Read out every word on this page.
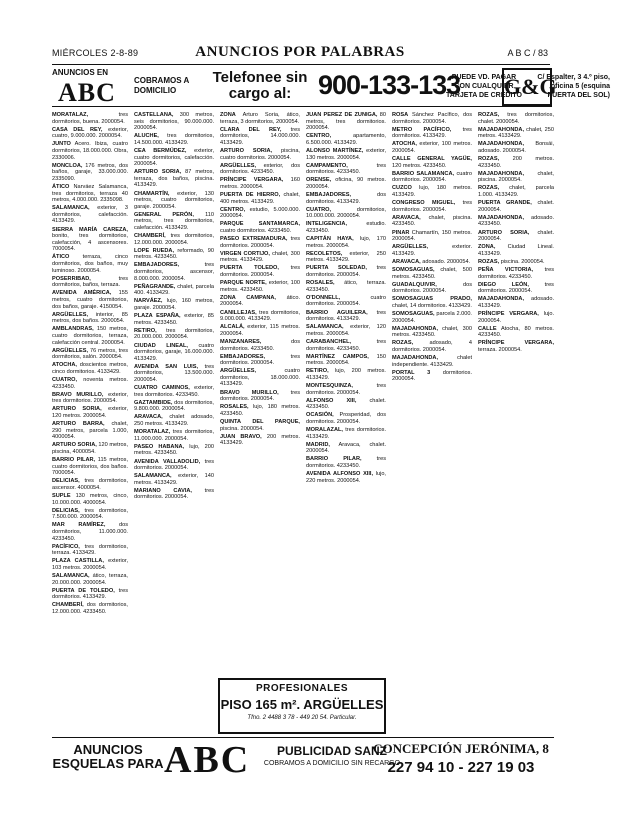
MIÉRCOLES 2-8-89	ANUNCIOS POR PALABRAS	A B C / 83
ANUNCIOS EN
ABC COBRAMOS A DOMICILIO
Telefonee sin cargo al: 900-133-133
PUEDE VD. PAGAR CON CUALQUIER TARJETA DE CRÉDITO
C/ Espalter, 3 4.º piso, oficina 5 (esquina PUERTA DEL SOL)
G&G
MORATALAZ, tres dormitorios, buena. 2000054.
CASA DEL REY, exterior, cuatro, 9.000.000. 2000054.
JUNTO Acero. Ibiza, cuatro dormitorios, 18.000.000. Obra, 2330006.
MONCLOA, 176 metros, dos baños, garaje, 33.000.000. 2335090.
ÁTICO Narváez Salamanca, tres dormitorios, terraza 40 metros, 4.000.000. 2335098.
SALAMANCA, exterior, 3 dormitorios, calefacción. 4133429.
SIERRA MARÍA CAREZA, bonito, tres dormitorios, calefacción, 4 ascensores. 7000054.
ÁTICO terraza, cinco dormitorios, dos baños, muy luminoso. 2000054.
POSERRIBAD, tres dormitorios, baños, terraza.
AVENIDA AMÉRICA, 155 metros, cuatro dormitorios, dos baños, garaje. 4150054.
ARGÜELLES, interior, 85 metros, dos baños. 2000054.
AMBLANDRAS, 150 metros, cuatro dormitorios, terraza, calefacción central. 2000054.
ARGÜELLES, 76 metros, tres dormitorios, salón. 2000054.
ATOCHA, doscientos metros, cinco dormitorios. 4133429.
CUATRO, noventa metros. 4233450.
BRAVO MURILLO, exterior, tres dormitorios. 2000054.
ARTURO SORIA, exterior, 120 metros. 2000054.
ARTURO BARRA, chalet, 290 metros, parcela 1.000, 4000054.
ARTURO SORIA, 120 metros, piscina, 4000054.
BARRIO PILAR, 115 metros, cuatro dormitorios, dos baños. 7000054.
DELICIAS, tres dormitorios, ascensor. 4000054.
SUPLE 130 metros, cinco, 10.000.000. 4000054.
DELICIAS, tres dormitorios, 7.500.000. 2000054.
MAR RAMÍREZ, dos dormitorios, 11.000.000. 4233450.
PACÍFICO, tres dormitorios, terraza. 4133429.
PLAZA CASTILLA, exterior, 103 metros. 2000054.
SALAMANCA, ático, terraza, 20.000.000. 2000054.
PUERTA DE TOLEDO, tres dormitorios. 4133429.
CHAMBERÍ, dos dormitorios, 12.000.000. 4233450.
CASTELLANA, 300 metros, seis dormitorios, 90.000.000. 2000054.
ALUCHE, tres dormitorios, 14.500.000. 4133429.
CEA BERMÚDEZ, exterior, cuatro dormitorios, calefacción. 2000054.
ARTURO SORIA, 87 metros, terraza, dos baños, piscina. 4133429.
CHAMARTÍN, exterior, 130 metros, cuatro dormitorios, garaje. 2000054.
GENERAL PERÓN, 110 metros, tres dormitorios, calefacción. 4133429.
CHAMBERÍ, tres dormitorios, 12.000.000. 2000054.
LOPE RUEDA, reformado, 90 metros. 4233450.
EMBAJADORES, tres dormitorios, ascensor, 8.000.000. 2000054.
PEÑAGRANDE, chalet, parcela 400. 4133429.
NARVÁEZ, lujo, 160 metros, garaje. 2000054.
PLAZA ESPAÑA, exterior, 85 metros. 4233450.
RETIRO, tres dormitorios, 20.000.000. 2000054.
CIUDAD LINEAL, cuatro dormitorios, garaje, 16.000.000. 4133429.
AVENIDA SAN LUIS, tres dormitorios, 13.500.000. 2000054.
CUATRO CAMINOS, exterior, tres dormitorios. 4233450.
GAZTAMBIDE, dos dormitorios, 9.800.000. 2000054.
ARAVACA, chalet adosado, 250 metros. 4133429.
MORATALAZ, tres dormitorios, 11.000.000. 2000054.
PASEO HABANA, lujo, 200 metros. 4233450.
AVENIDA VALLADOLID, tres dormitorios. 2000054.
SALAMANCA, exterior, 140 metros. 4133429.
MARIANO CAVIA, tres dormitorios. 2000054.
ZONA Arturo Soria, ático, terraza, 3 dormitorios, 2000054.
CLARA DEL REY, tres dormitorios, 14.000.000. 4133429.
ARTURO SORIA, piscina, cuatro dormitorios. 2000054.
ARGÜELLES, exterior, dos dormitorios. 4233450.
PRÍNCIPE VERGARA, 160 metros. 2000054.
PUERTA DE HIERRO, chalet, 400 metros. 4133429.
CENTRO, estudio, 5.000.000. 2000054.
PARQUE SANTAMARCA, cuatro dormitorios. 4233450.
PASEO EXTREMADURA, tres dormitorios. 2000054.
VIRGEN CORTIJO, chalet, 300 metros. 4133429.
PUERTA TOLEDO, tres dormitorios. 2000054.
PARQUE NORTE, exterior, 100 metros. 4233450.
ZONA CAMPANA, ático. 2000054.
CANILLEJAS, tres dormitorios, 9.000.000. 4133429.
ALCALÁ, exterior, 115 metros. 2000054.
MANZANARES, dos dormitorios. 4233450.
EMBAJADORES, tres dormitorios. 2000054.
ARGÜELLES, cuatro dormitorios, 18.000.000. 4133429.
BRAVO MURILLO, tres dormitorios. 2000054.
ROSALES, lujo, 180 metros. 4233450.
QUINTA DEL PARQUE, piscina. 2000054.
JUAN BRAVO, 200 metros. 4133429.
JUAN PÉREZ DE ZÚÑIGA, 80 metros, tres dormitorios. 2000054.
CENTRO, apartamento, 6.500.000. 4133429.
ALONSO MARTÍNEZ, exterior, 130 metros. 2000054.
CAMPAMENTO, tres dormitorios. 4233450.
ORENSE, oficina, 90 metros. 2000054.
EMBAJADORES, dos dormitorios. 4133429.
CUATRO, dormitorios, 10.000.000. 2000054.
INTELIGENCIA, estudio. 4233450.
CAPITÁN HAYA, lujo, 170 metros. 2000054.
RECOLETOS, exterior, 250 metros. 4133429.
PUERTA SOLEDAD, tres dormitorios. 2000054.
ROSALES, ático, terraza. 4233450.
O'DONNELL, cuatro dormitorios. 2000054.
BARRIO AGUILERA, tres dormitorios. 4133429.
SALAMANCA, exterior, 120 metros. 2000054.
CARABANCHEL, tres dormitorios. 4233450.
MARTÍNEZ CAMPOS, 150 metros. 2000054.
RETIRO, lujo, 200 metros. 4133429.
MONTESQUINZA, tres dormitorios. 2000054.
ALFONSO XIII, chalet. 4233450.
OCASIÓN, Prosperidad, dos dormitorios. 2000054.
MORALAZAL, tres dormitorios. 4133429.
MADRID, Aravaca, chalet. 2000054.
BARRIO PILAR, tres dormitorios. 4233450.
AVENIDA ALFONSO XIII, lujo, 220 metros. 2000054.
ROSA Sánchez Pacífico, dos dormitorios. 2000054.
METRO PACÍFICO, tres dormitorios. 4133429.
ATOCHA, exterior, 100 metros. 2000054.
CALLE GENERAL YAGÜE, 120 metros. 4233450.
BARRIO SALAMANCA, cuatro dormitorios. 2000054.
CUZCO lujo, 180 metros. 4133429.
CONGRESO MIGUEL, tres dormitorios. 2000054.
ARAVACA, chalet, piscina. 4233450.
PINAR Chamartín, 150 metros. 2000054.
ARGÜELLES, exterior. 4133429.
ARAVACA, adosado. 2000054.
SOMOSAGUAS, chalet, 500 metros. 4233450.
GUADALQUIVIR, dos dormitorios. 2000054.
SOMOSAGUAS PRADO, chalet, 14 dormitorios. 4133429.
SOMOSAGUAS, parcela 2.000. 2000054.
MAJADAHONDA, chalet, 300 metros. 4233450.
ROZAS, adosado, 4 dormitorios. 2000054.
MAJADAHONDA, chalet independiente. 4133429.
PORTAL 3 dormitorios. 2000054.
ROZAS, tres dormitorios, chalet. 2000054.
MAJADAHONDA, chalet, 250 metros. 4133429.
MAJADAHONDA, Bonsái, adosado. 2000054.
ROZAS, 200 metros. 4233450.
MAJADAHONDA, chalet, piscina. 2000054.
ROZAS, chalet, parcela 1.000. 4133429.
PUERTA GRANDE, chalet. 2000054.
MAJADAHONDA, adosado. 4233450.
ARTURO SORIA, chalet. 2000054.
ZONA, Ciudad Lineal. 4133429.
ROZAS, piscina. 2000054.
PEÑA VICTORIA, tres dormitorios. 4233450.
DIEGO LEÓN, tres dormitorios. 2000054.
MAJADAHONDA, adosado. 4133429.
PRÍNCIPE VERGARA, lujo. 2000054.
CALLE Atocha, 80 metros. 4233450.
PRÍNCIPE VERGARA, terraza. 2000054.
PROFESIONALES
PISO 165 m². ARGÜELLES
Tfno. 2 4488 3 78 - 449 20 54. Particular.
ANUNCIOS ESQUELAS PARA ABC	PUBLICIDAD SANZ
COBRAMOS A DOMICILIO SIN RECARGO
CONCEPCIÓN JERÓNIMA, 8
227 94 10 - 227 19 03
